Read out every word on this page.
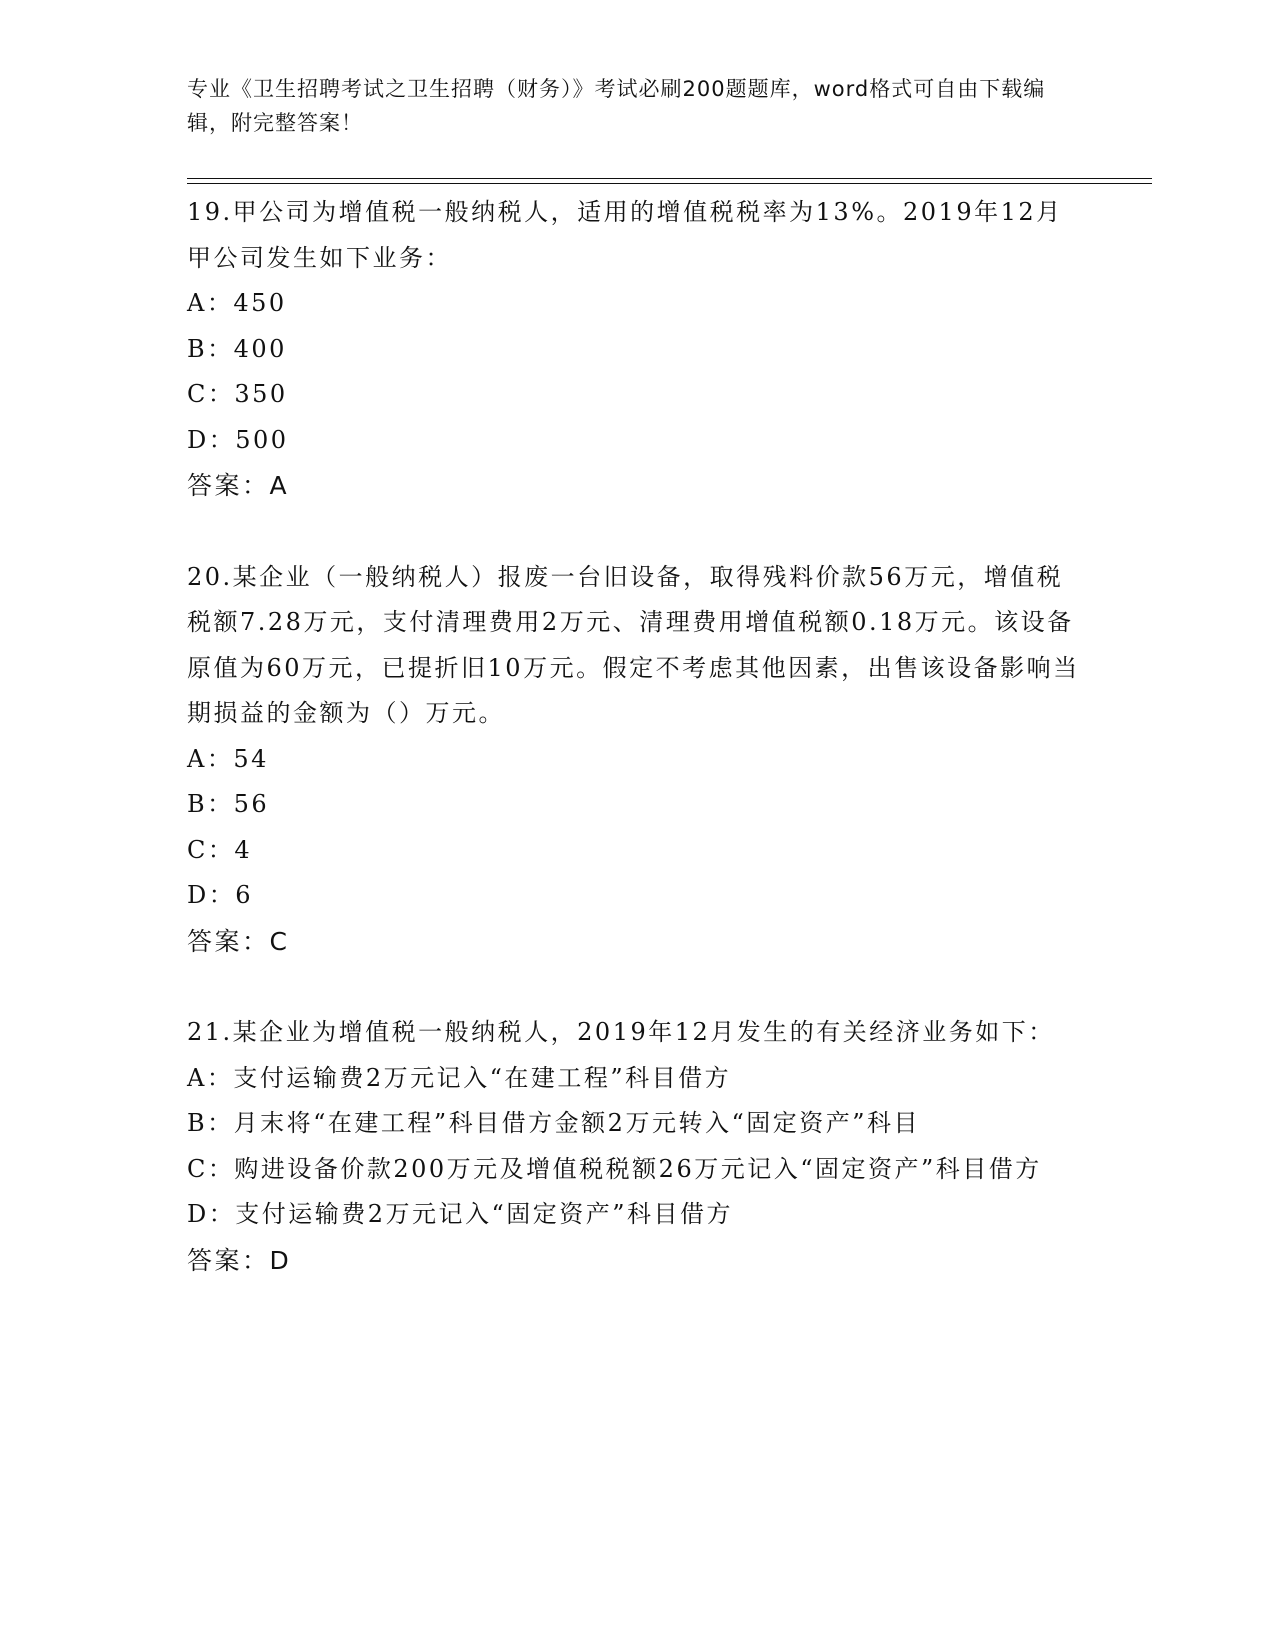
专业《卫生招聘考试之卫生招聘（财务）》考试必刷200题题库，word格式可自由下载编辑，附完整答案！
19.甲公司为增值税一般纳税人，适用的增值税税率为13%。2019年12月甲公司发生如下业务：
A：450
B：400
C：350
D：500
答案：A
20.某企业（一般纳税人）报废一台旧设备，取得残料价款56万元，增值税税额7.28万元，支付清理费用2万元、清理费用增值税额0.18万元。该设备原值为60万元，已提折旧10万元。假定不考虑其他因素，出售该设备影响当期损益的金额为（）万元。
A：54
B：56
C：4
D：6
答案：C
21.某企业为增值税一般纳税人，2019年12月发生的有关经济业务如下：
A：支付运输费2万元记入“在建工程”科目借方
B：月末将“在建工程”科目借方金额2万元转入“固定资产”科目
C：购进设备价款200万元及增值税税额26万元记入“固定资产”科目借方
D：支付运输费2万元记入“固定资产”科目借方
答案：D
